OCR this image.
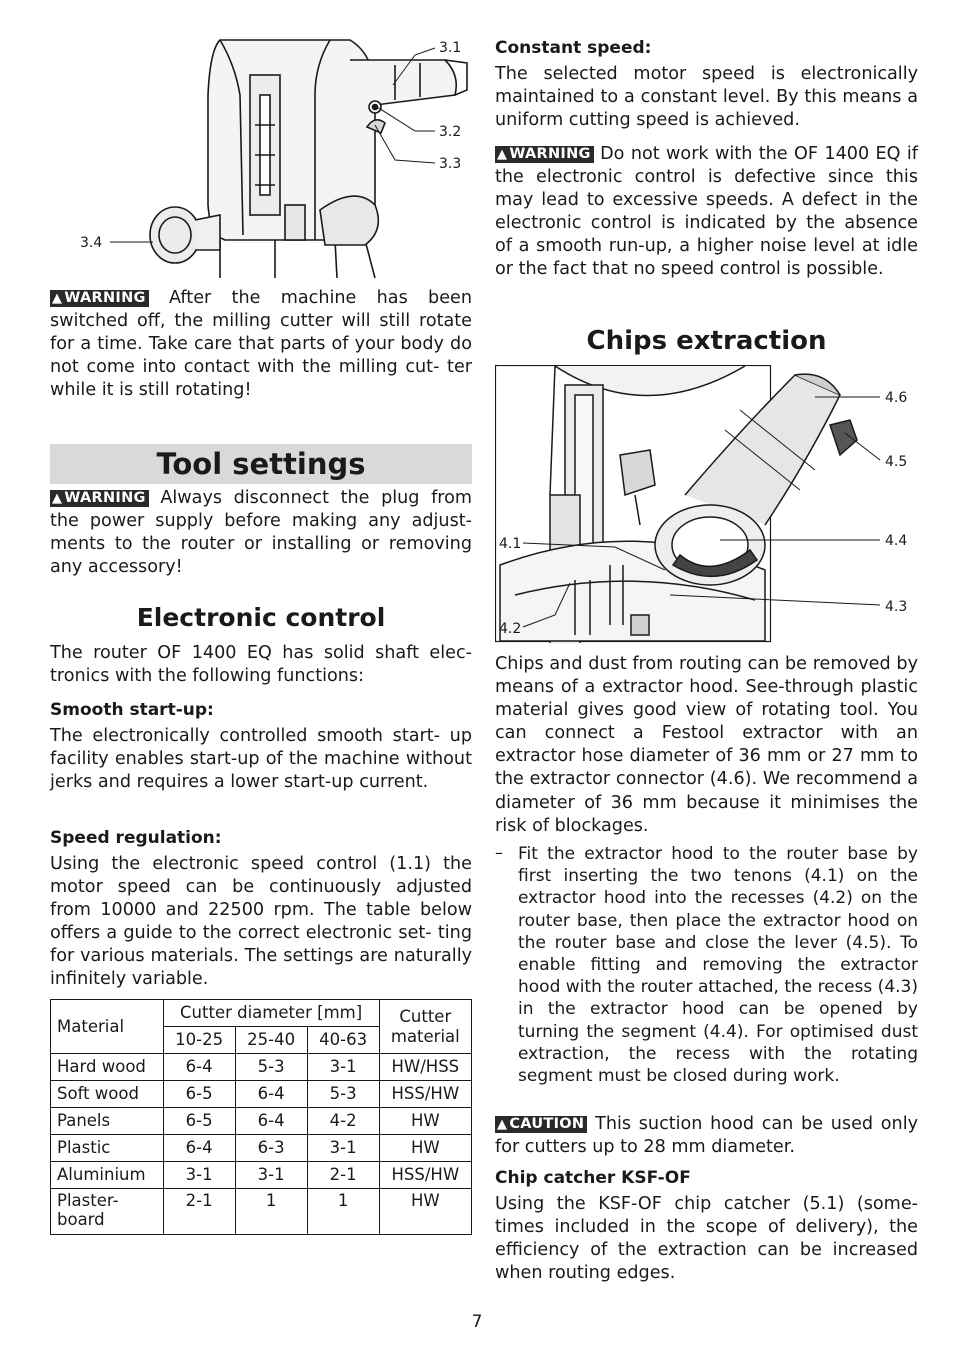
3.1
3.2
3.3
3.4

▲ WARNING After the machine has been switched off, the milling cutter will still rotate for a time. Take care that parts of your body do not come into contact with the milling cut- ter while it is still rotating!

Tool settings

▲ WARNING Always disconnect the plug from the power supply before making any adjust- ments to the router or installing or removing any accessory!

Electronic control

The router OF 1400 EQ has solid shaft elec- tronics with the following functions:

Smooth start-up:

The electronically controlled smooth start- up facility enables start-up of the machine without jerks and requires a lower start-up current.

Speed regulation:

Using the electronic speed control (1.1) the motor speed can be continuously adjusted from 10000 and 22500 rpm. The table below offers a guide to the correct electronic set- ting for various materials. The settings are naturally infinitely variable.

Material	Cutter diameter [mm]			Cutter material
	10-25	25-40	40-63	
Hard wood	6-4	5-3	3-1	HW/HSS
Soft wood	6-5	6-4	5-3	HSS/HW
Panels	6-5	6-4	4-2	HW
Plastic	6-4	6-3	3-1	HW
Aluminium	3-1	3-1	2-1	HSS/HW
Plaster- board	2-1	1	1	HW
Constant speed:

The selected motor speed is electronically maintained to a constant level. By this means a uniform cutting speed is achieved.

▲ WARNING Do not work with the OF 1400 EQ if the electronic control is defective since this may lead to excessive speeds. A defect in the electronic control is indicated by the absence of a smooth run-up, a higher noise level at idle or the fact that no speed control is possible.

Chips extraction
4.6
4.5
4.4
4.3
4.1
4.2

Chips and dust from routing can be removed by means of a extractor hood. See-through plastic material gives good view of rotating tool. You can connect a Festool extractor with an extractor hose diameter of 36 mm or 27 mm to the extractor connector (4.6). We recommend a diameter of 36 mm because it minimises the risk of blockages.

– Fit the extractor hood to the router base by first inserting the two tenons (4.1) on the extractor hood into the recesses (4.2) on the router base, then place the extractor hood on the router base and close the lever (4.5). To enable fitting and removing the extractor hood with the router attached, the recess (4.3) in the extractor hood can be opened by turning the segment (4.4). For optimised dust extraction, the recess with the rotating segment must be closed during work.

▲ CAUTION This suction hood can be used only for cutters up to 28 mm diameter.

Chip catcher KSF-OF

Using the KSF-OF chip catcher (5.1) (some- times included in the scope of delivery), the efficiency of the extraction can be increased when routing edges.

7
